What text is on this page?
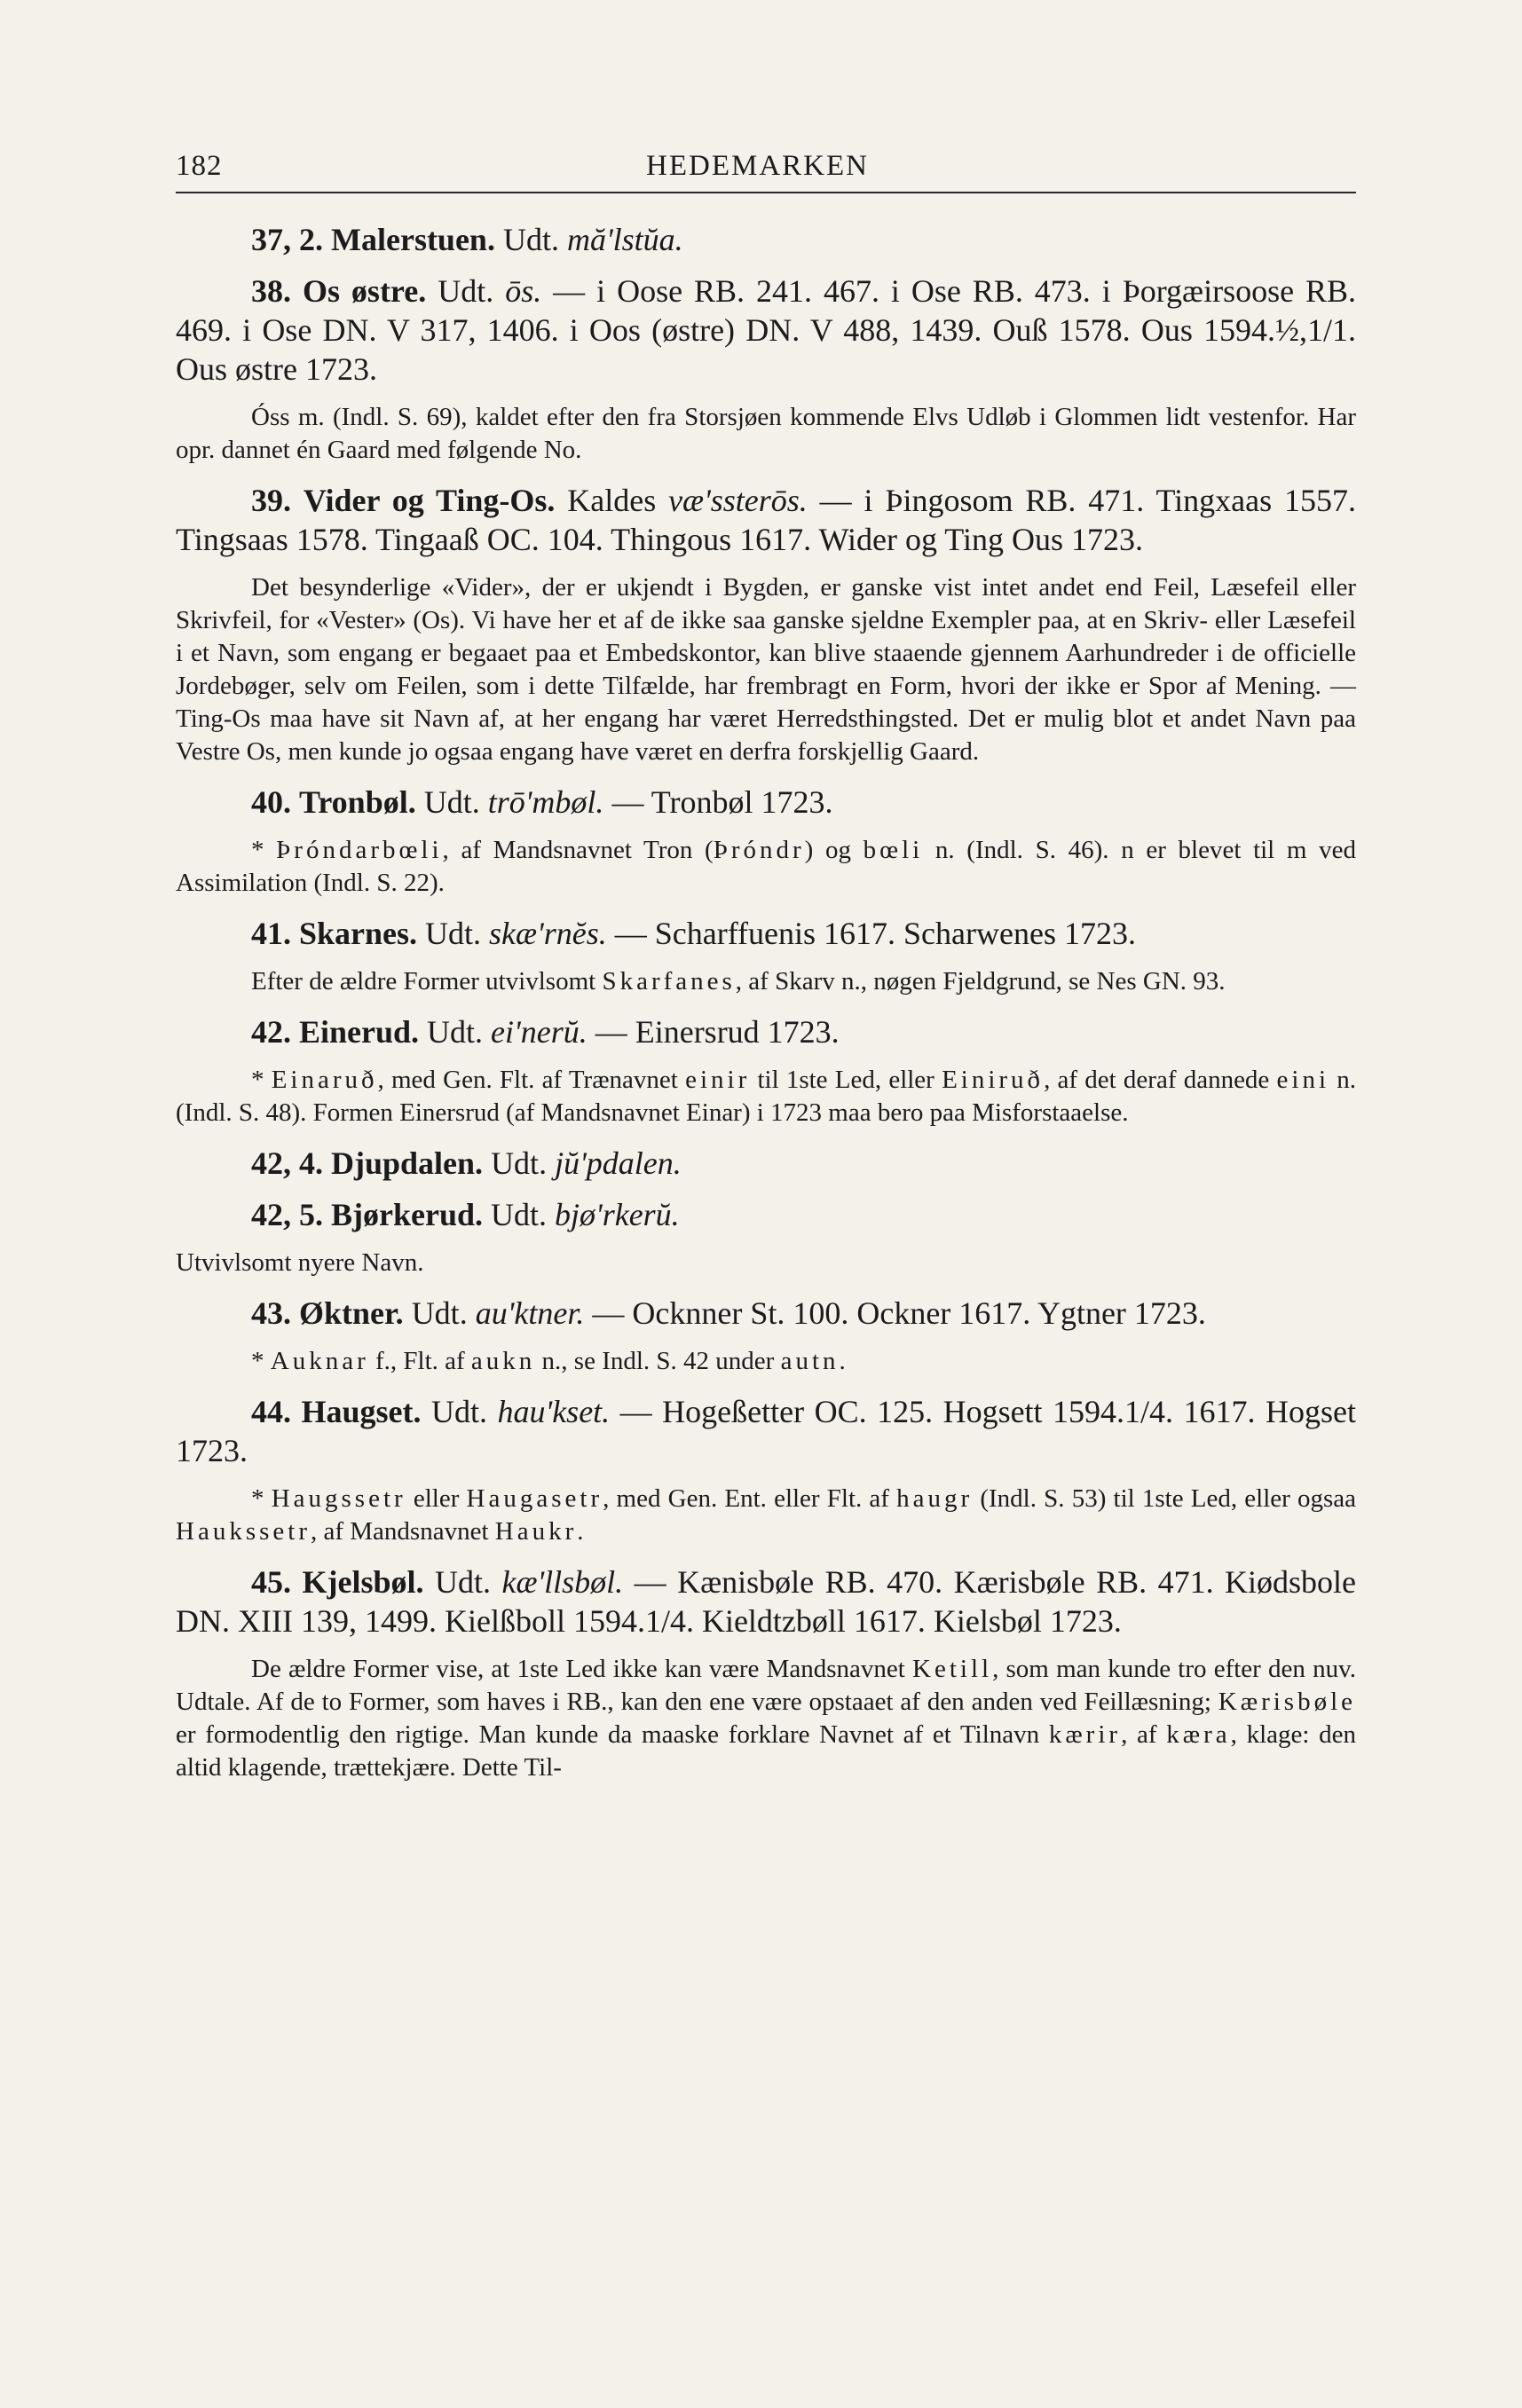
182	HEDEMARKEN
37, 2. Malerstuen. Udt. mă'lstŭa.
38. Os østre. Udt. ōs. — i Oose RB. 241. 467. i Ose RB. 473. i Þorgæirsoose RB. 469. i Ose DN. V 317, 1406. i Oos (østre) DN. V 488, 1439. Ouß 1578. Ous 1594.½,1/1. Ous østre 1723.
Óss m. (Indl. S. 69), kaldet efter den fra Storsjøen kommende Elvs Udløb i Glommen lidt vestenfor. Har opr. dannet én Gaard med følgende No.
39. Vider og Ting-Os. Kaldes væ'ssterōs. — i Þingosom RB. 471. Tingxaas 1557. Tingsaas 1578. Tingaaß OC. 104. Thingous 1617. Wider og Ting Ous 1723.
Det besynderlige «Vider», der er ukjendt i Bygden, er ganske vist intet andet end Feil, Læsefeil eller Skrivfeil, for «Vester» (Os). Vi have her et af de ikke saa ganske sjeldne Exempler paa, at en Skriv- eller Læsefeil i et Navn, som engang er begaaet paa et Embedskontor, kan blive staaende gjennem Aarhundreder i de officielle Jordebøger, selv om Feilen, som i dette Tilfælde, har frembragt en Form, hvori der ikke er Spor af Mening. — Ting-Os maa have sit Navn af, at her engang har været Herredsthingsted. Det er mulig blot et andet Navn paa Vestre Os, men kunde jo ogsaa engang have været en derfra forskjellig Gaard.
40. Tronbøl. Udt. trō'mbøl. — Tronbøl 1723.
* Þróndarbœli, af Mandsnavnet Tron (Þróndr) og bœli n. (Indl. S. 46). n er blevet til m ved Assimilation (Indl. S. 22).
41. Skarnes. Udt. skæ'rnĕs. — Scharffuenis 1617. Scharwenes 1723.
Efter de ældre Former utvivlsomt Skarfanes, af Skarv n., nøgen Fjeldgrund, se Nes GN. 93.
42. Einerud. Udt. ei'nerŭ. — Einersrud 1723.
* Einaruð, med Gen. Flt. af Trænavnet einir til 1ste Led, eller Einiruð, af det deraf dannede eini n. (Indl. S. 48). Formen Einersrud (af Mandsnavnet Einar) i 1723 maa bero paa Misforstaaelse.
42, 4. Djupdalen. Udt. jŭ'pdalen.
42, 5. Bjørkerud. Udt. bjø'rkerŭ.
Utvivlsomt nyere Navn.
43. Øktner. Udt. au'ktner. — Ocknner St. 100. Ockner 1617. Ygtner 1723.
* Auknar f., Flt. af aukn n., se Indl. S. 42 under autn.
44. Haugset. Udt. hau'kset. — Hogeßetter OC. 125. Hogsett 1594.1/4. 1617. Hogset 1723.
* Haugssetr eller Haugasetr, med Gen. Ent. eller Flt. af haugr (Indl. S. 53) til 1ste Led, eller ogsaa Haukssetr, af Mandsnavnet Haukr.
45. Kjelsbøl. Udt. kæ'llsbøl. — Kænisbøle RB. 470. Kærisbøle RB. 471. Kiødsbole DN. XIII 139, 1499. Kielßboll 1594.1/4. Kieldtzbøll 1617. Kielsbøl 1723.
De ældre Former vise, at 1ste Led ikke kan være Mandsnavnet Ketill, som man kunde tro efter den nuv. Udtale. Af de to Former, som haves i RB., kan den ene være opstaaet af den anden ved Feillæsning; Kærisbøle er formodentlig den rigtige. Man kunde da maaske forklare Navnet af et Tilnavn kærir, af kæra, klage: den altid klagende, trættekjære. Dette Til-
